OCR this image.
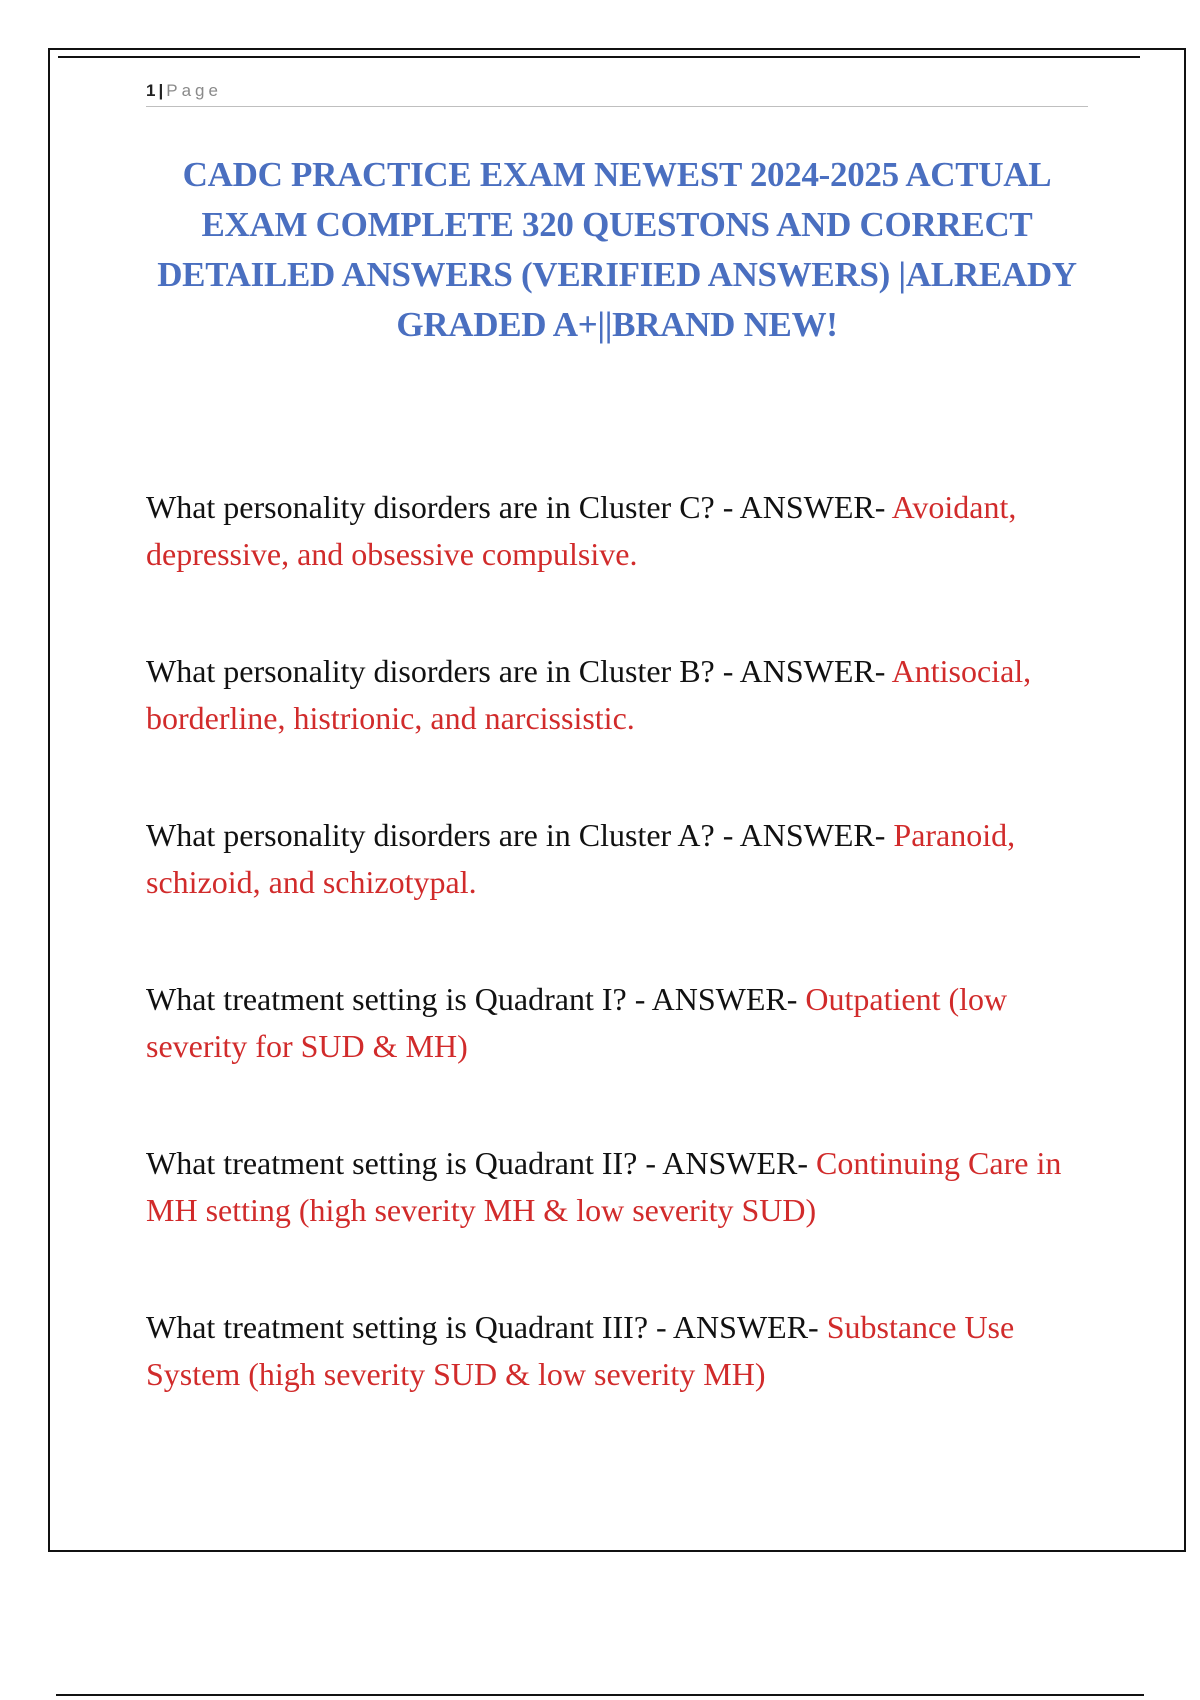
1 | Page
CADC PRACTICE EXAM NEWEST 2024-2025 ACTUAL EXAM COMPLETE 320 QUESTONS AND CORRECT DETAILED ANSWERS (VERIFIED ANSWERS) |ALREADY GRADED A+||BRAND NEW!

What personality disorders are in Cluster C? - ANSWER- Avoidant, depressive, and obsessive compulsive.

What personality disorders are in Cluster B? - ANSWER- Antisocial, borderline, histrionic, and narcissistic.

What personality disorders are in Cluster A? - ANSWER- Paranoid, schizoid, and schizotypal.

What treatment setting is Quadrant I? - ANSWER- Outpatient (low severity for SUD & MH)

What treatment setting is Quadrant II? - ANSWER- Continuing Care in MH setting (high severity MH & low severity SUD)

What treatment setting is Quadrant III? - ANSWER- Substance Use System (high severity SUD & low severity MH)
